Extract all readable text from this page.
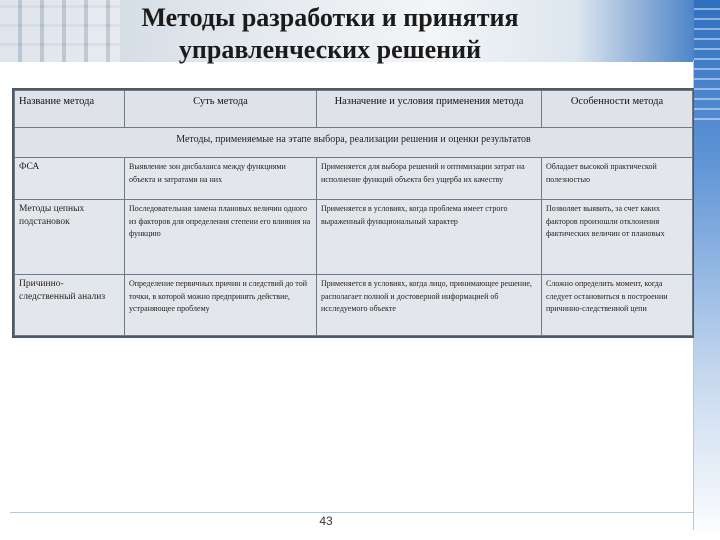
Методы разработки и принятия
управленческих решений
Название метода	Суть метода	Назначение и условия применения метода	Особенности метода
Методы, применяемые на этапе выбора, реализации решения и оценки результатов			
ФСА	Выявление зон дисбаланса между функциями объекта и затратами на них	Применяется для выбора решений и оптимизации затрат на исполнение функций объекта без ущерба их качеству	Обладает высокой практической полезностью
Методы цепных подстановок	Последовательная замена плановых величин одного из факторов для определения степени его влияния на функцию	Применяется в условиях, когда проблема имеет строго выраженный функциональный характер	Позволяет выявить, за счет каких факторов произошли отклонения фактических величин от плановых
Причинно-следственный анализ	Определение первичных причин и следствий до той точки, в которой можно предпринять действие, устраняющее проблему	Применяется в условиях, когда лицо, принимающее решение, располагает полной и достоверной информацией об исследуемого объекте	Сложно определить момент, когда следует остановиться в построении причинно-следственной цепи
43
